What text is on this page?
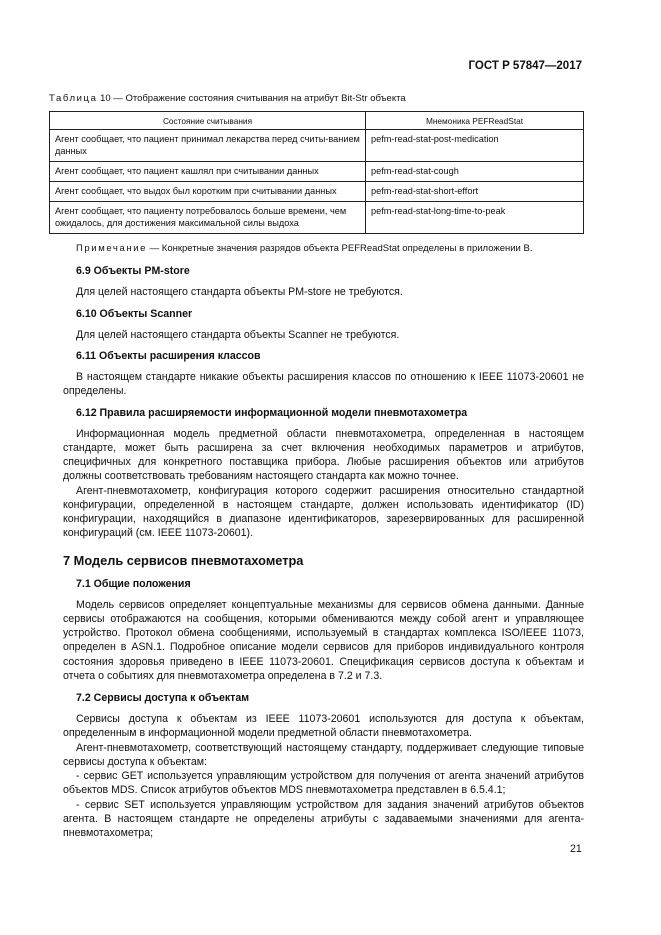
ГОСТ Р 57847—2017
Таблица 10 — Отображение состояния считывания на атрибут Bit-Str объекта
Состояние считывания	Мнемоника PEFReadStat
Агент сообщает, что пациент принимал лекарства перед считы-ванием данных	pefm-read-stat-post-medication
Агент сообщает, что пациент кашлял при считывании данных	pefm-read-stat-cough
Агент сообщает, что выдох был коротким при считывании данных	pefm-read-stat-short-effort
Агент сообщает, что пациенту потребовалось больше времени, чем ожидалось, для достижения максимальной силы выдоха	pefm-read-stat-long-time-to-peak

Примечание — Конкретные значения разрядов объекта PEFReadStat определены в приложении В.

6.9 Объекты PM-store

Для целей настоящего стандарта объекты PM-store не требуются.

6.10 Объекты Scanner

Для целей настоящего стандарта объекты Scanner не требуются.

6.11 Объекты расширения классов

В настоящем стандарте никакие объекты расширения классов по отношению к IEEE 11073-20601 не определены.

6.12 Правила расширяемости информационной модели пневмотахометра

Информационная модель предметной области пневмотахометра, определенная в настоящем стандарте, может быть расширена за счет включения необходимых параметров и атрибутов, специфичных для конкретного поставщика прибора. Любые расширения объектов или атрибутов должны соответствовать требованиям настоящего стандарта как можно точнее.

Агент-пневмотахометр, конфигурация которого содержит расширения относительно стандартной конфигурации, определенной в настоящем стандарте, должен использовать идентификатор (ID) конфигурации, находящийся в диапазоне идентификаторов, зарезервированных для расширенной конфигураций (см. IEEE 11073-20601).

7 Модель сервисов пневмотахометра
7.1 Общие положения

Модель сервисов определяет концептуальные механизмы для сервисов обмена данными. Данные сервисы отображаются на сообщения, которыми обмениваются между собой агент и управляющее устройство. Протокол обмена сообщениями, используемый в стандартах комплекса ISO/IEEE 11073, определен в ASN.1. Подробное описание модели сервисов для приборов индивидуального контроля состояния здоровья приведено в IEEE 11073-20601. Спецификация сервисов доступа к объектам и отчета о событиях для пневмотахометра определена в 7.2 и 7.3.

7.2 Сервисы доступа к объектам

Сервисы доступа к объектам из IEEE 11073-20601 используются для доступа к объектам, определенным в информационной модели предметной области пневмотахометра.

Агент-пневмотахометр, соответствующий настоящему стандарту, поддерживает следующие типовые сервисы доступа к объектам:

- сервис GET используется управляющим устройством для получения от агента значений атрибутов объектов MDS. Список атрибутов объектов MDS пневмотахометра представлен в 6.5.4.1;

- сервис SET используется управляющим устройством для задания значений атрибутов объектов агента. В настоящем стандарте не определены атрибуты с задаваемыми значениями для агента-пневмотахометра;

21
